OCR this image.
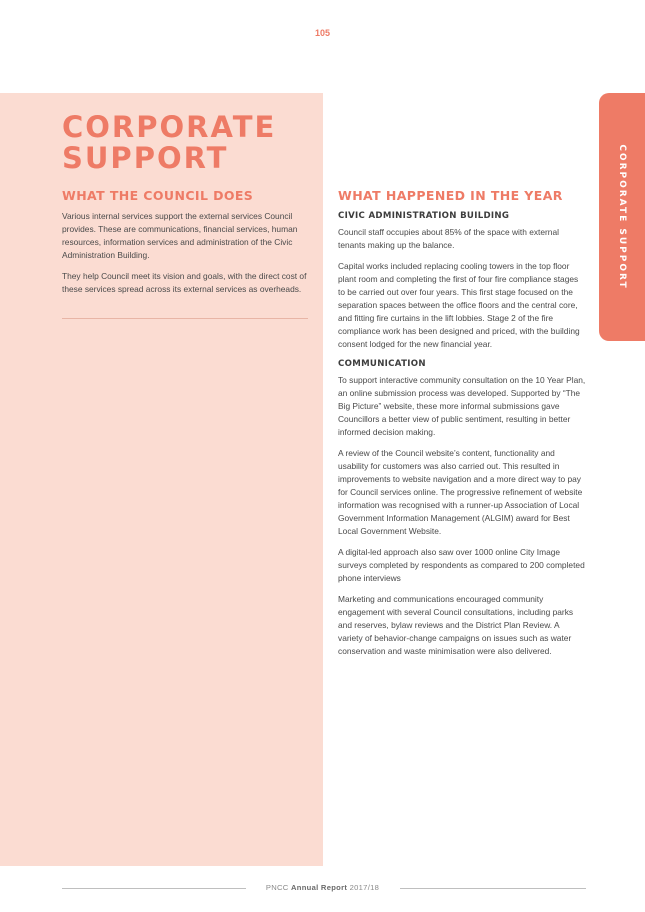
105
CORPORATE
SUPPORT	CORPORATE SUPPORT
WHAT THE COUNCIL DOES

Various internal services support the external services Council provides. These are communications, financial services, human resources, information services and administration of the Civic Administration Building.

They help Council meet its vision and goals, with the direct cost of these services spread across its external services as overheads.

WHAT HAPPENED IN THE YEAR
CIVIC ADMINISTRATION BUILDING

Council staff occupies about 85% of the space with external tenants making up the balance.

Capital works included replacing cooling towers in the top floor plant room and completing the first of four fire compliance stages to be carried out over four years. This first stage focused on the separation spaces between the office floors and the central core, and fitting fire curtains in the lift lobbies. Stage 2 of the fire compliance work has been designed and priced, with the building consent lodged for the new financial year.

COMMUNICATION

To support interactive community consultation on the 10 Year Plan, an online submission process was developed. Supported by “The Big Picture” website, these more informal submissions gave Councillors a better view of public sentiment, resulting in better informed decision making.

A review of the Council website’s content, functionality and usability for customers was also carried out. This resulted in improvements to website navigation and a more direct way to pay for Council services online. The progressive refinement of website information was recognised with a runner-up Association of Local Government Information Management (ALGIM) award for Best Local Government Website.

A digital-led approach also saw over 1000 online City Image surveys completed by respondents as compared to 200 completed phone interviews

Marketing and communications encouraged community engagement with several Council consultations, including parks and reserves, bylaw reviews and the District Plan Review. A variety of behavior-change campaigns on issues such as water conservation and waste minimisation were also delivered.

PNCC Annual Report 2017/18
